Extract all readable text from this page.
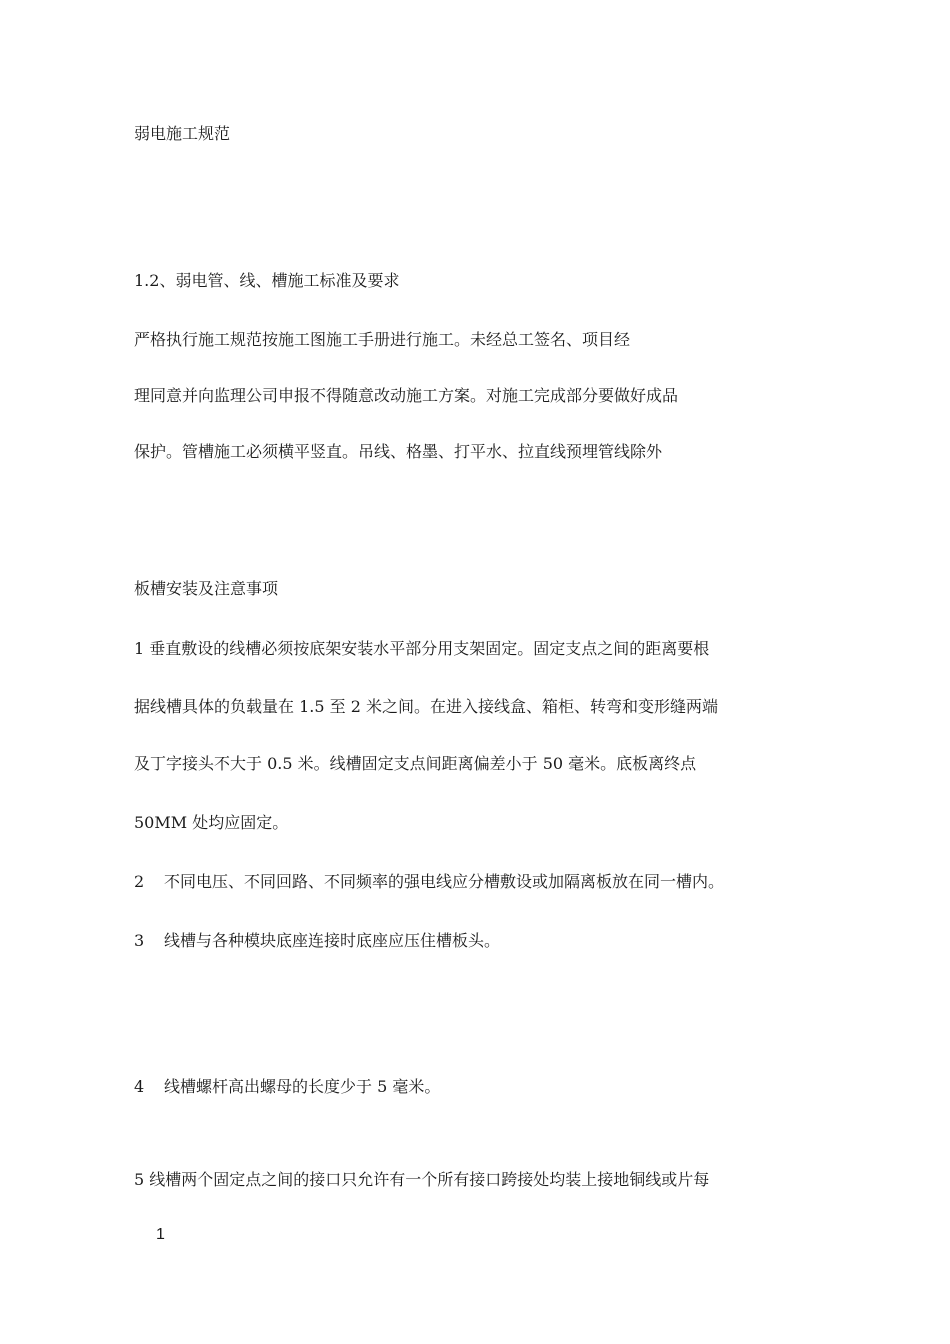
弱电施工规范
1.2、弱电管、线、槽施工标准及要求
严格执行施工规范按施工图施工手册进行施工。未经总工签名、项目经
理同意并向监理公司申报不得随意改动施工方案。对施工完成部分要做好成品
保护。管槽施工必须横平竖直。吊线、格墨、打平水、拉直线预埋管线除外
板槽安装及注意事项
1 垂直敷设的线槽必须按底架安装水平部分用支架固定。固定支点之间的距离要根
据线槽具体的负载量在 1.5 至 2 米之间。在进入接线盒、箱柜、转弯和变形缝两端
及丁字接头不大于 0.5 米。线槽固定支点间距离偏差小于 50 毫米。底板离终点
50MM 处均应固定。
2 不同电压、不同回路、不同频率的强电线应分槽敷设或加隔离板放在同一槽内。
3 线槽与各种模块底座连接时底座应压住槽板头。
4 线槽螺杆高出螺母的长度少于 5 毫米。
5 线槽两个固定点之间的接口只允许有一个所有接口跨接处均装上接地铜线或片每
1
